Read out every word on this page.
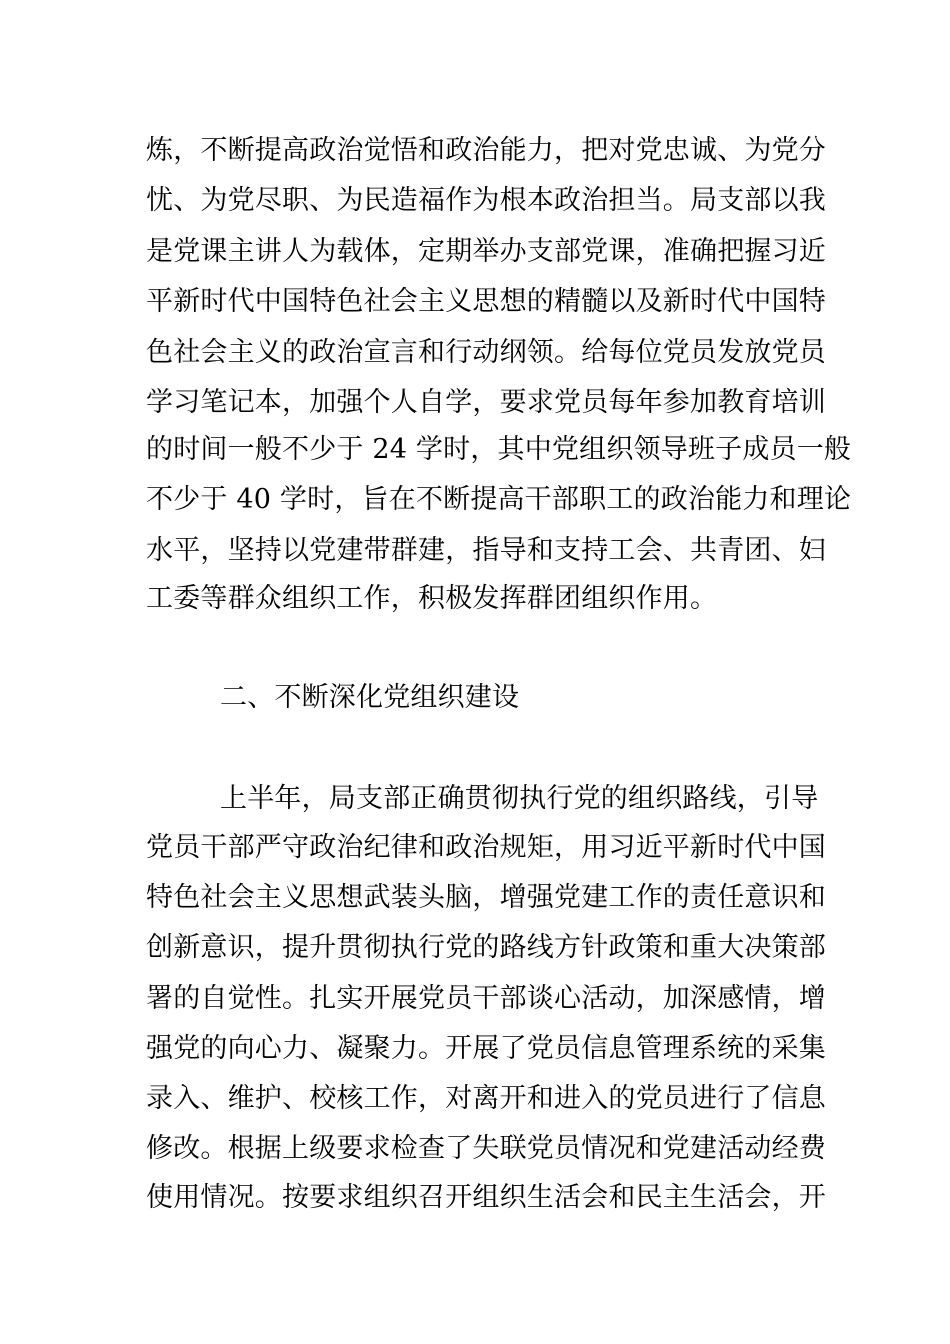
炼，不断提高政治觉悟和政治能力，把对党忠诚、为党分
忧、为党尽职、为民造福作为根本政治担当。局支部以我
是党课主讲人为载体，定期举办支部党课，准确把握习近
平新时代中国特色社会主义思想的精髓以及新时代中国特
色社会主义的政治宣言和行动纲领。给每位党员发放党员
学习笔记本，加强个人自学，要求党员每年参加教育培训
的时间一般不少于 24 学时，其中党组织领导班子成员一般
不少于 40 学时，旨在不断提高干部职工的政治能力和理论
水平，坚持以党建带群建，指导和支持工会、共青团、妇
工委等群众组织工作，积极发挥群团组织作用。
二、不断深化党组织建设
上半年，局支部正确贯彻执行党的组织路线，引导
党员干部严守政治纪律和政治规矩，用习近平新时代中国
特色社会主义思想武装头脑，增强党建工作的责任意识和
创新意识，提升贯彻执行党的路线方针政策和重大决策部
署的自觉性。扎实开展党员干部谈心活动，加深感情，增
强党的向心力、凝聚力。开展了党员信息管理系统的采集
录入、维护、校核工作，对离开和进入的党员进行了信息
修改。根据上级要求检查了失联党员情况和党建活动经费
使用情况。按要求组织召开组织生活会和民主生活会，开
